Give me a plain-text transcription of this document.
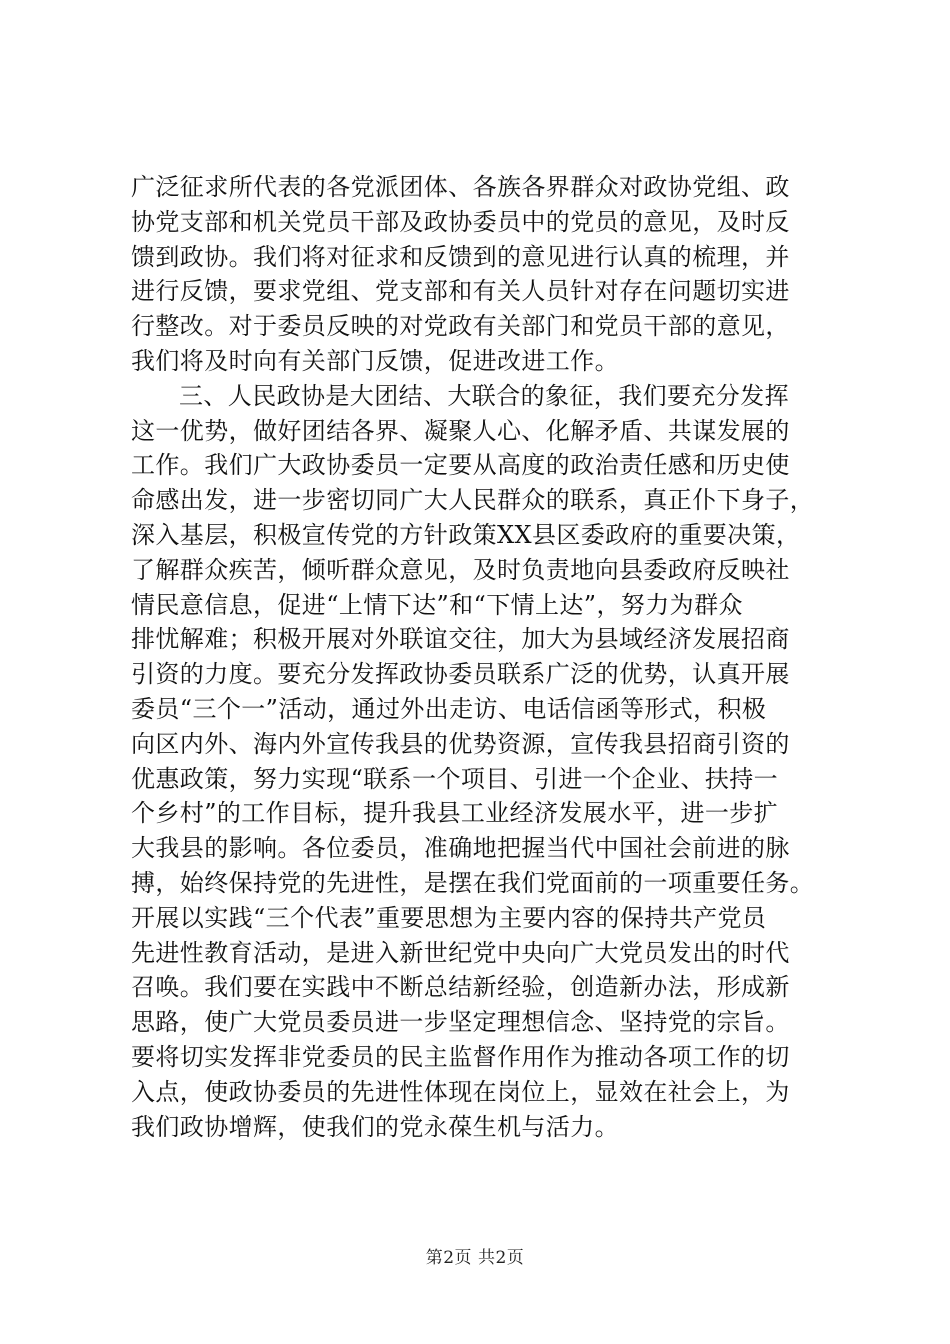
广泛征求所代表的各党派团体、各族各界群众对政协党组、政
协党支部和机关党员干部及政协委员中的党员的意见，及时反
馈到政协。我们将对征求和反馈到的意见进行认真的梳理，并
进行反馈，要求党组、党支部和有关人员针对存在问题切实进
行整改。对于委员反映的对党政有关部门和党员干部的意见，
我们将及时向有关部门反馈，促进改进工作。
三、人民政协是大团结、大联合的象征，我们要充分发挥
这一优势，做好团结各界、凝聚人心、化解矛盾、共谋发展的
工作。我们广大政协委员一定要从高度的政治责任感和历史使
命感出发，进一步密切同广大人民群众的联系，真正仆下身子，
深入基层，积极宣传党的方针政策XX县区委政府的重要决策，
了解群众疾苦，倾听群众意见，及时负责地向县委政府反映社
情民意信息，促进“上情下达”和“下情上达”，努力为群众
排忧解难；积极开展对外联谊交往，加大为县域经济发展招商
引资的力度。要充分发挥政协委员联系广泛的优势，认真开展
委员“三个一”活动，通过外出走访、电话信函等形式，积极
向区内外、海内外宣传我县的优势资源，宣传我县招商引资的
优惠政策，努力实现“联系一个项目、引进一个企业、扶持一
个乡村”的工作目标，提升我县工业经济发展水平，进一步扩
大我县的影响。各位委员，准确地把握当代中国社会前进的脉
搏，始终保持党的先进性，是摆在我们党面前的一项重要任务。
开展以实践“三个代表”重要思想为主要内容的保持共产党员
先进性教育活动，是进入新世纪党中央向广大党员发出的时代
召唤。我们要在实践中不断总结新经验，创造新办法，形成新
思路，使广大党员委员进一步坚定理想信念、坚持党的宗旨。
要将切实发挥非党委员的民主监督作用作为推动各项工作的切
入点，使政协委员的先进性体现在岗位上，显效在社会上，为
我们政协增辉，使我们的党永葆生机与活力。
第2页 共2页
